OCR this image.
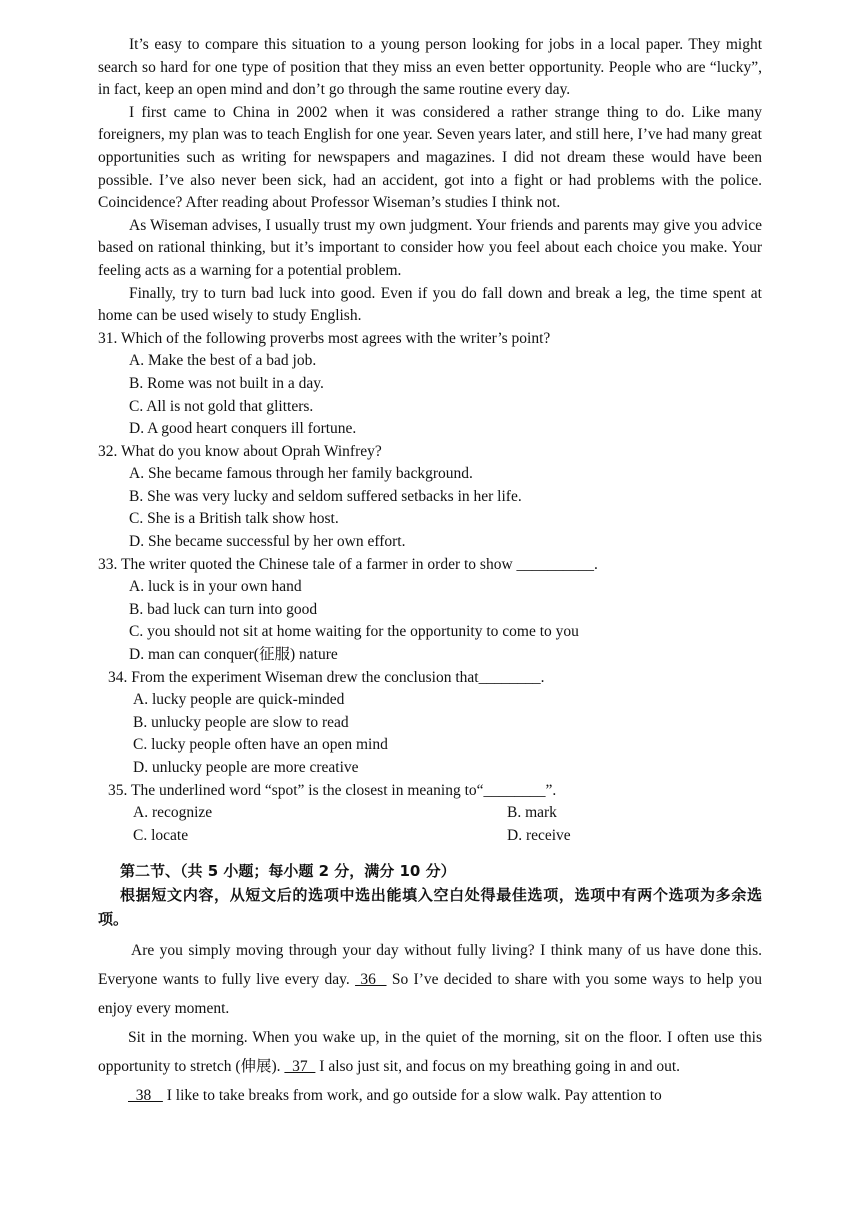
It’s easy to compare this situation to a young person looking for jobs in a local paper. They might search so hard for one type of position that they miss an even better opportunity. People who are “lucky”, in fact, keep an open mind and don’t go through the same routine every day.

I first came to China in 2002 when it was considered a rather strange thing to do. Like many foreigners, my plan was to teach English for one year. Seven years later, and still here, I’ve had many great opportunities such as writing for newspapers and magazines. I did not dream these would have been possible. I’ve also never been sick, had an accident, got into a fight or had problems with the police. Coincidence? After reading about Professor Wiseman’s studies I think not.

As Wiseman advises, I usually trust my own judgment. Your friends and parents may give you advice based on rational thinking, but it’s important to consider how you feel about each choice you make. Your feeling acts as a warning for a potential problem.

Finally, try to turn bad luck into good. Even if you do fall down and break a leg, the time spent at home can be used wisely to study English.

31. Which of the following proverbs most agrees with the writer’s point?
A. Make the best of a bad job.
B. Rome was not built in a day.
C. All is not gold that glitters.
D. A good heart conquers ill fortune.
32. What do you know about Oprah Winfrey?
A. She became famous through her family background.
B. She was very lucky and seldom suffered setbacks in her life.
C. She is a British talk show host.
D. She became successful by her own effort.
33. The writer quoted the Chinese tale of a farmer in order to show __________.
A. luck is in your own hand
B. bad luck can turn into good
C. you should not sit at home waiting for the opportunity to come to you
D. man can conquer(征服) nature
34. From the experiment Wiseman drew the conclusion that________.
A. lucky people are quick-minded
B. unlucky people are slow to read
C. lucky people often have an open mind
D. unlucky people are more creative
35. The underlined word “spot” is the closest in meaning to“________”.
A. recognize	B. mark
C. locate	D. receive
第二节、（共 5 小题；每小题 2 分，满分 10 分）

根据短文内容，从短文后的选项中选出能填入空白处得最佳选项，选项中有两个选项为多余选项。

Are you simply moving through your day without fully living? I think many of us have done this. Everyone wants to fully live every day.  36   So I’ve decided to share with you some ways to help you enjoy every moment.

Sit in the morning. When you wake up, in the quiet of the morning, sit on the floor. I often use this opportunity to stretch (伸展).   37   I also just sit, and focus on my breathing going in and out.

38    I like to take breaks from work, and go outside for a slow walk. Pay attention to
